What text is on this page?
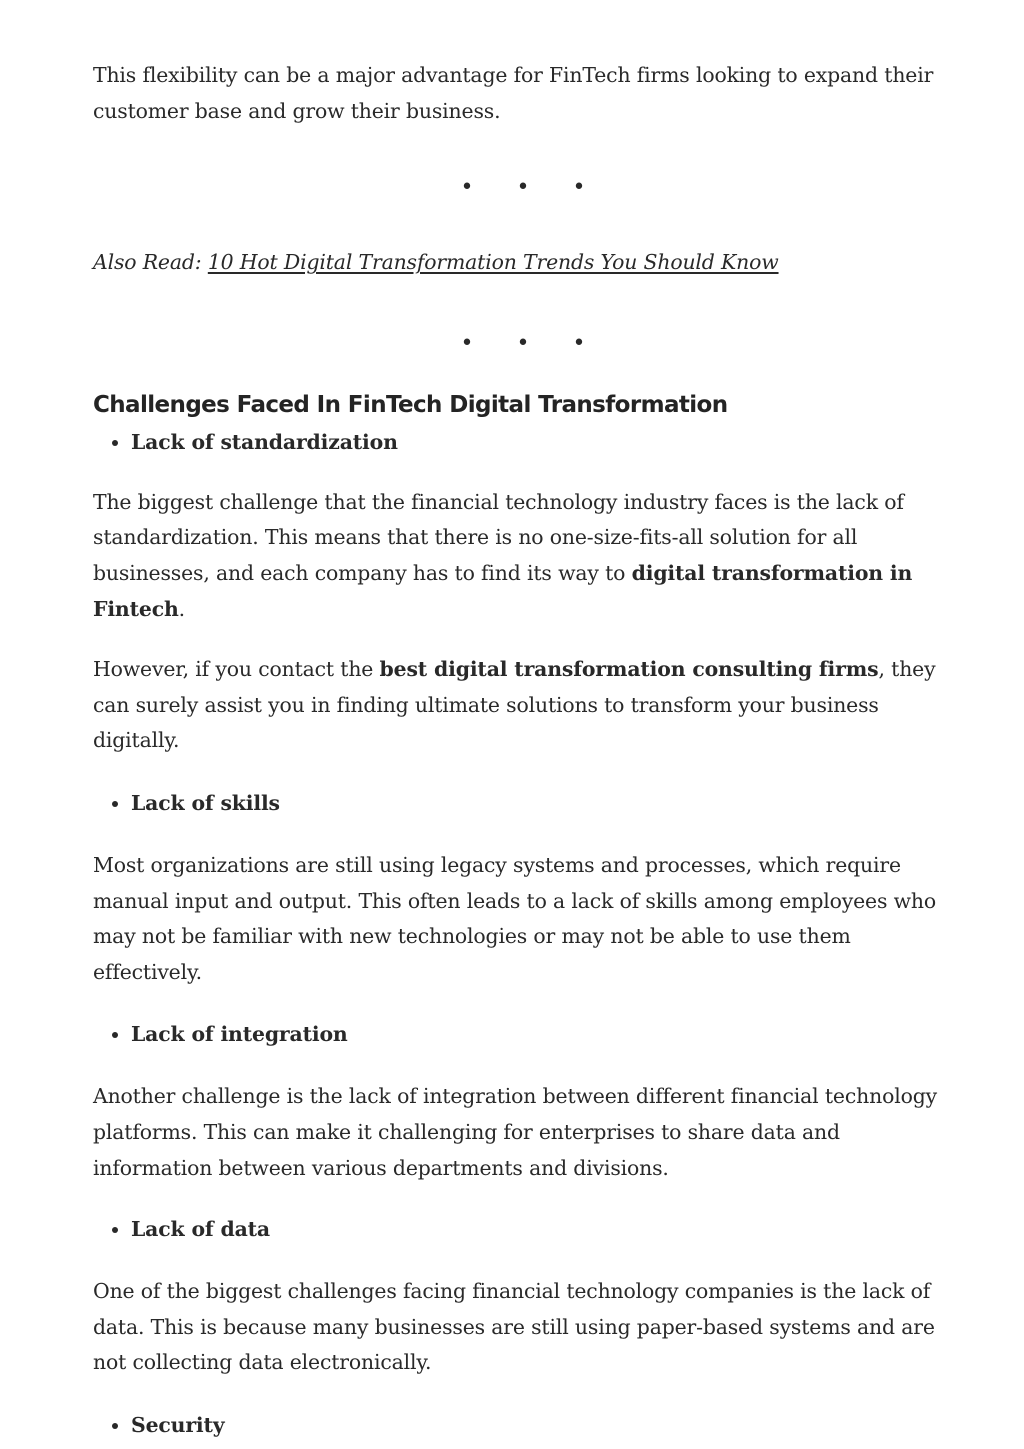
This flexibility can be a major advantage for FinTech firms looking to expand their customer base and grow their business.

• • •

Also Read: 10 Hot Digital Transformation Trends You Should Know

• • •
Challenges Faced In FinTech Digital Transformation
• Lack of standardization

The biggest challenge that the financial technology industry faces is the lack of standardization. This means that there is no one-size-fits-all solution for all businesses, and each company has to find its way to digital transformation in Fintech.

However, if you contact the best digital transformation consulting firms, they can surely assist you in finding ultimate solutions to transform your business digitally.

• Lack of skills

Most organizations are still using legacy systems and processes, which require manual input and output. This often leads to a lack of skills among employees who may not be familiar with new technologies or may not be able to use them effectively.

• Lack of integration

Another challenge is the lack of integration between different financial technology platforms. This can make it challenging for enterprises to share data and information between various departments and divisions.

• Lack of data

One of the biggest challenges facing financial technology companies is the lack of data. This is because many businesses are still using paper-based systems and are not collecting data electronically.

• Security
